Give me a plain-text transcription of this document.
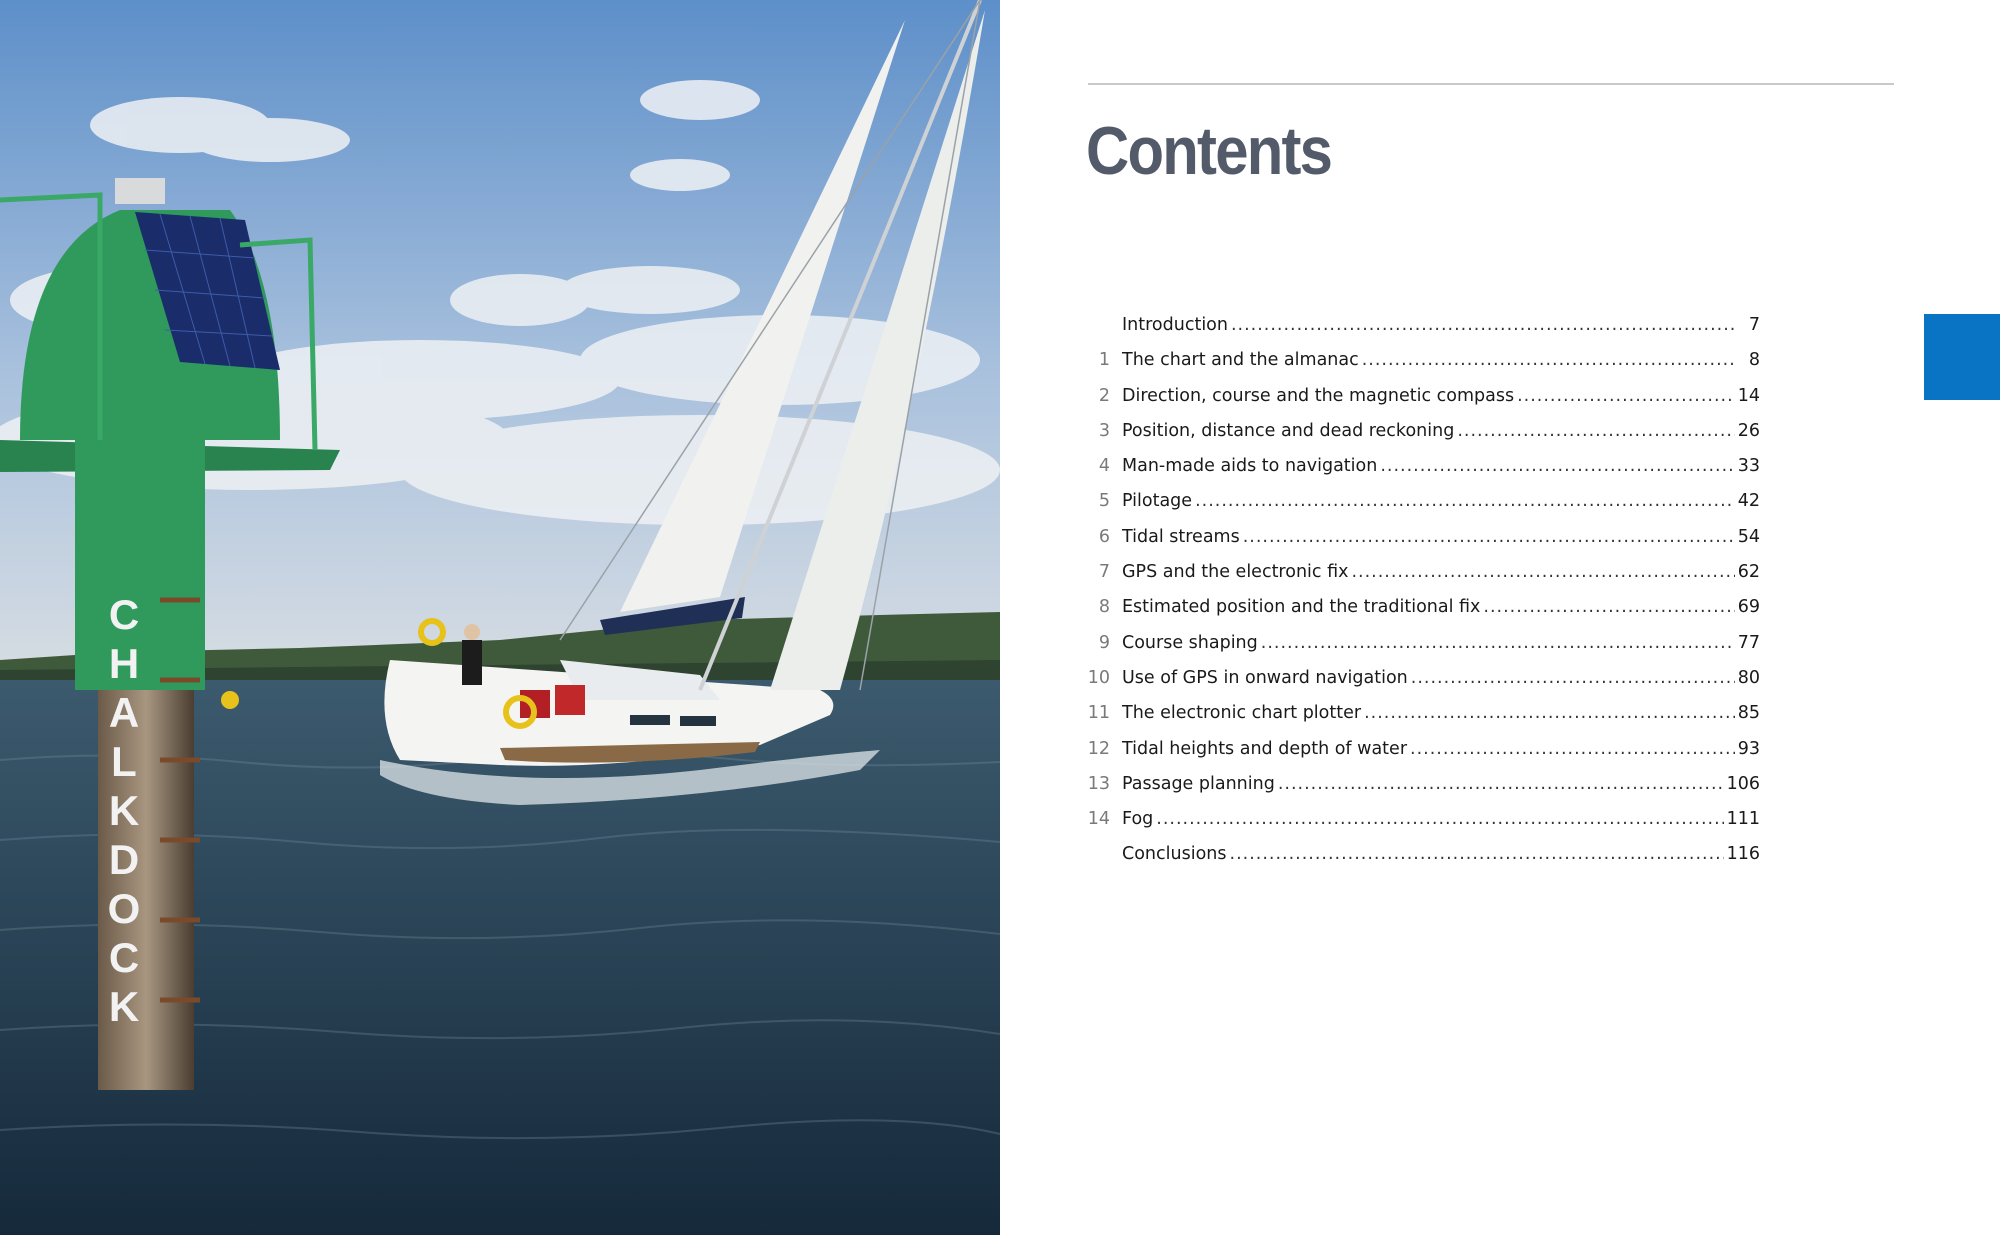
CHALKDOCK
Contents
Introduction .....	7
1 The chart and the almanac .....	8
2 Direction, course and the magnetic compass .....	14
3 Position, distance and dead reckoning .....	26
4 Man-made aids to navigation .....	33
5 Pilotage .....	42
6 Tidal streams .....	54
7 GPS and the electronic fix .....	62
8 Estimated position and the traditional fix .....	69
9 Course shaping .....	77
10 Use of GPS in onward navigation .....	80
11 The electronic chart plotter .....	85
12 Tidal heights and depth of water .....	93
13 Passage planning .....	106
14 Fog .....	111
Conclusions .....	116
